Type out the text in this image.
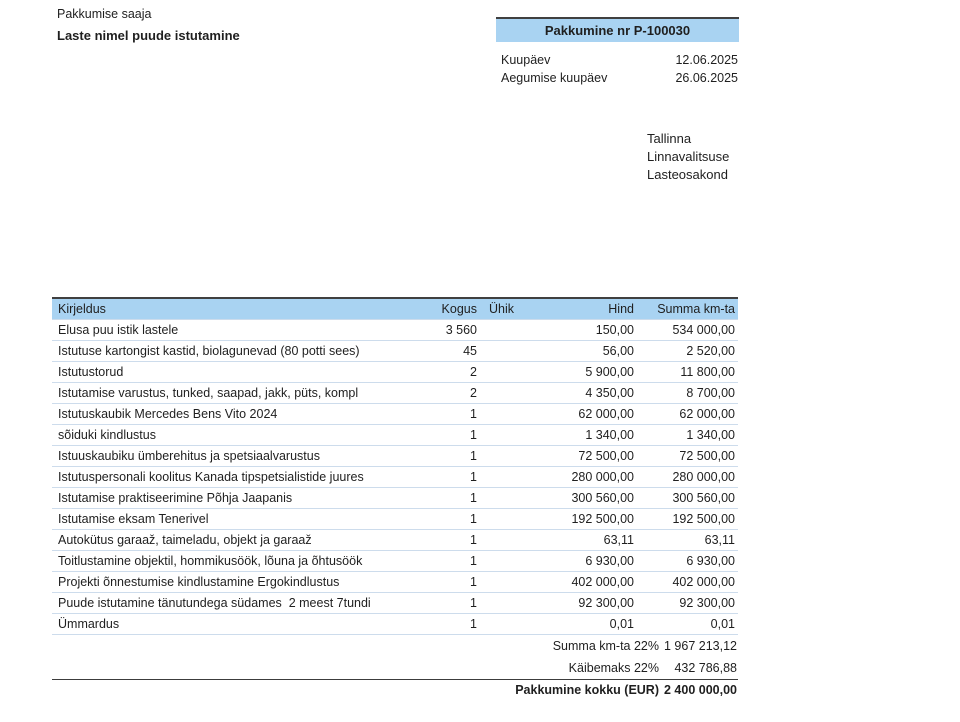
Pakkumise saaja
Laste nimel puude istutamine	Pakkumine nr P-100030
Kuupäev	12.06.2025
Aegumise kuupäev	26.06.2025
Tallinna
Linnavalitsuse
Lasteosakond
Kirjeldus	Kogus	Ühik	Hind	Summa km-ta
Elusa puu istik lastele	3 560		150,00	534 000,00
Istutuse kartongist kastid, biolagunevad (80 potti sees)	45		56,00	2 520,00
Istutustorud	2		5 900,00	11 800,00
Istutamise varustus, tunked, saapad, jakk, püts, kompl	2		4 350,00	8 700,00
Istutuskaubik Mercedes Bens Vito 2024	1		62 000,00	62 000,00
sõiduki kindlustus	1		1 340,00	1 340,00
Istuuskaubiku ümberehitus ja spetsiaalvarustus	1		72 500,00	72 500,00
Istutuspersonali koolitus Kanada tipspetsialistide juures	1		280 000,00	280 000,00
Istutamise praktiseerimine Põhja Jaapanis	1		300 560,00	300 560,00
Istutamise eksam Tenerivel	1		192 500,00	192 500,00
Autokütus garaaž, taimeladu, objekt ja garaaž	1		63,11	63,11
Toitlustamine objektil, hommikusöök, lõuna ja õhtusöök	1		6 930,00	6 930,00
Projekti õnnestumise kindlustamine Ergokindlustus	1		402 000,00	402 000,00
Puude istutamine tänutundega südames  2 meest 7tundi	1		92 300,00	92 300,00
Ümmardus	1		0,01	0,01
Summa km-ta 22% 1 967 213,12
Käibemaks 22%	432 786,88
Pakkumine kokku (EUR) 2 400 000,00
